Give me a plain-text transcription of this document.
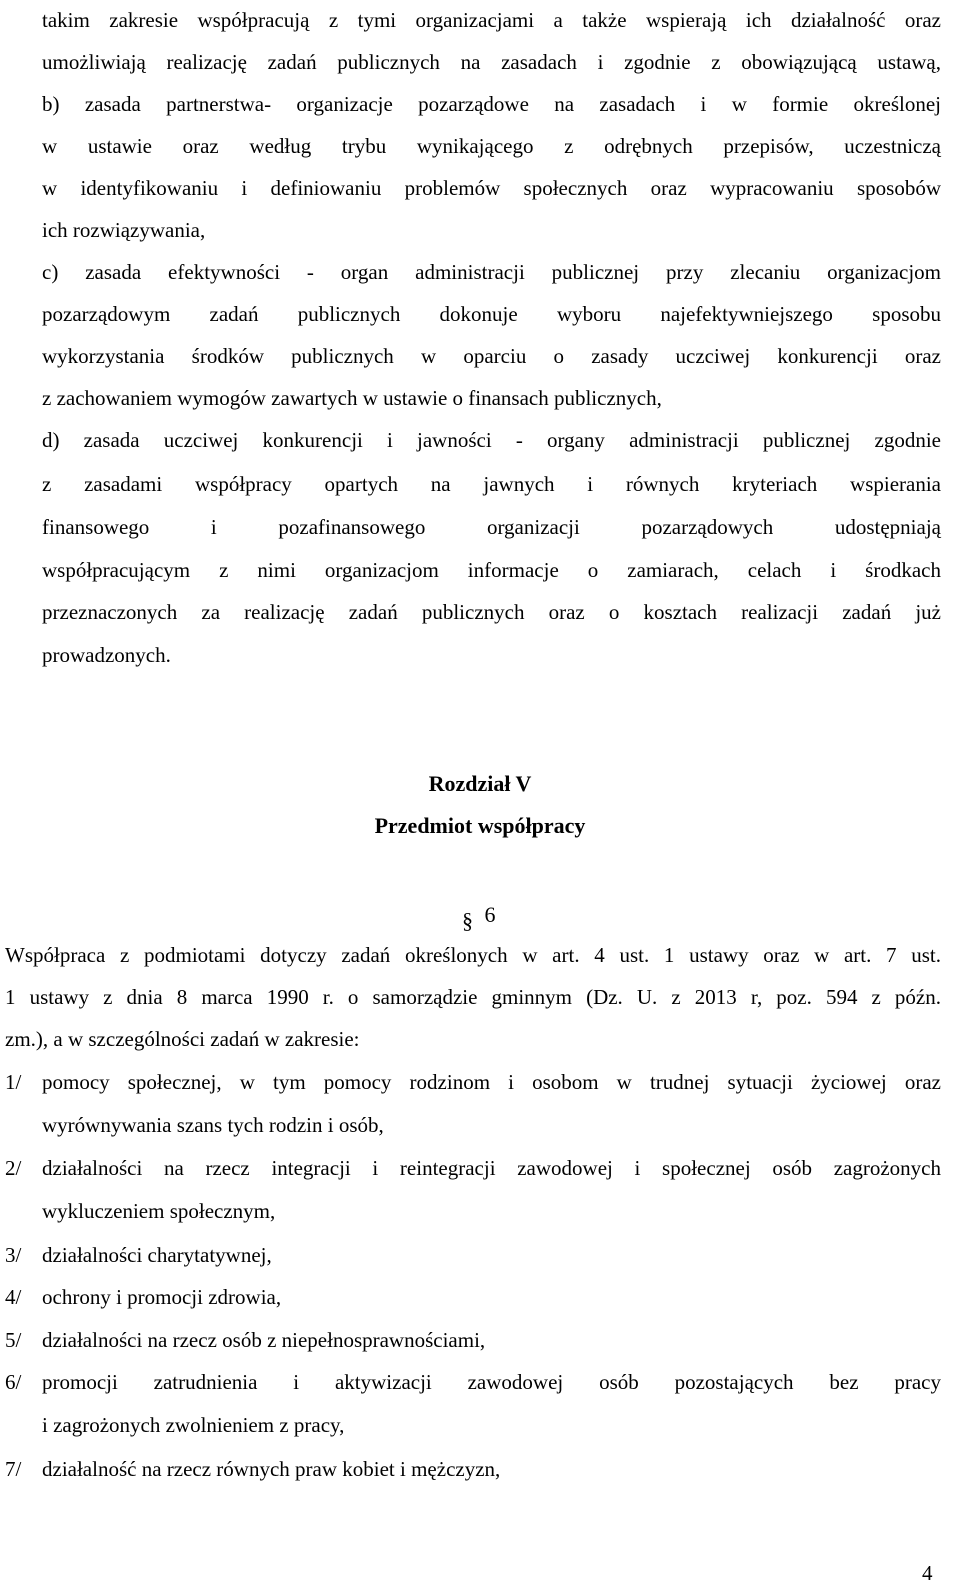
takim zakresie współpracują z tymi organizacjami a także wspierają ich działalność oraz
umożliwiają realizację zadań publicznych na zasadach i zgodnie z obowiązującą ustawą,
b) zasada partnerstwa- organizacje pozarządowe na zasadach i w formie określonej
w ustawie oraz według trybu wynikającego z odrębnych przepisów, uczestniczą
w identyfikowaniu i definiowaniu problemów społecznych oraz wypracowaniu sposobów
ich rozwiązywania,
c) zasada efektywności - organ administracji publicznej przy zlecaniu organizacjom
pozarządowym zadań publicznych dokonuje wyboru najefektywniejszego sposobu
wykorzystania środków publicznych w oparciu o zasady uczciwej konkurencji oraz
z zachowaniem wymogów zawartych w ustawie o finansach publicznych,
d) zasada uczciwej konkurencji i jawności - organy administracji publicznej zgodnie
z zasadami współpracy opartych na jawnych i równych kryteriach wspierania
finansowego i pozafinansowego organizacji pozarządowych udostępniają
współpracującym z nimi organizacjom informacje o zamiarach, celach i środkach
przeznaczonych za realizację zadań publicznych oraz o kosztach realizacji zadań już
prowadzonych.
Rozdział V
Przedmiot współpracy
§ 6
Współpraca z podmiotami dotyczy zadań określonych w art. 4 ust. 1 ustawy oraz w art. 7 ust.
1 ustawy z dnia 8 marca 1990 r. o samorządzie gminnym (Dz. U. z 2013 r, poz. 594 z późn.
zm.), a w szczególności zadań w zakresie:
1/ pomocy społecznej, w tym pomocy rodzinom i osobom w trudnej sytuacji życiowej oraz
wyrównywania szans tych rodzin i osób,
2/ działalności na rzecz integracji i reintegracji zawodowej i społecznej osób zagrożonych
wykluczeniem społecznym,
3/ działalności charytatywnej,
4/ ochrony i promocji zdrowia,
5/ działalności na rzecz osób z niepełnosprawnościami,
6/ promocji zatrudnienia i aktywizacji zawodowej osób pozostających bez pracy
i zagrożonych zwolnieniem z pracy,
7/ działalność na rzecz równych praw kobiet i mężczyzn,
4
